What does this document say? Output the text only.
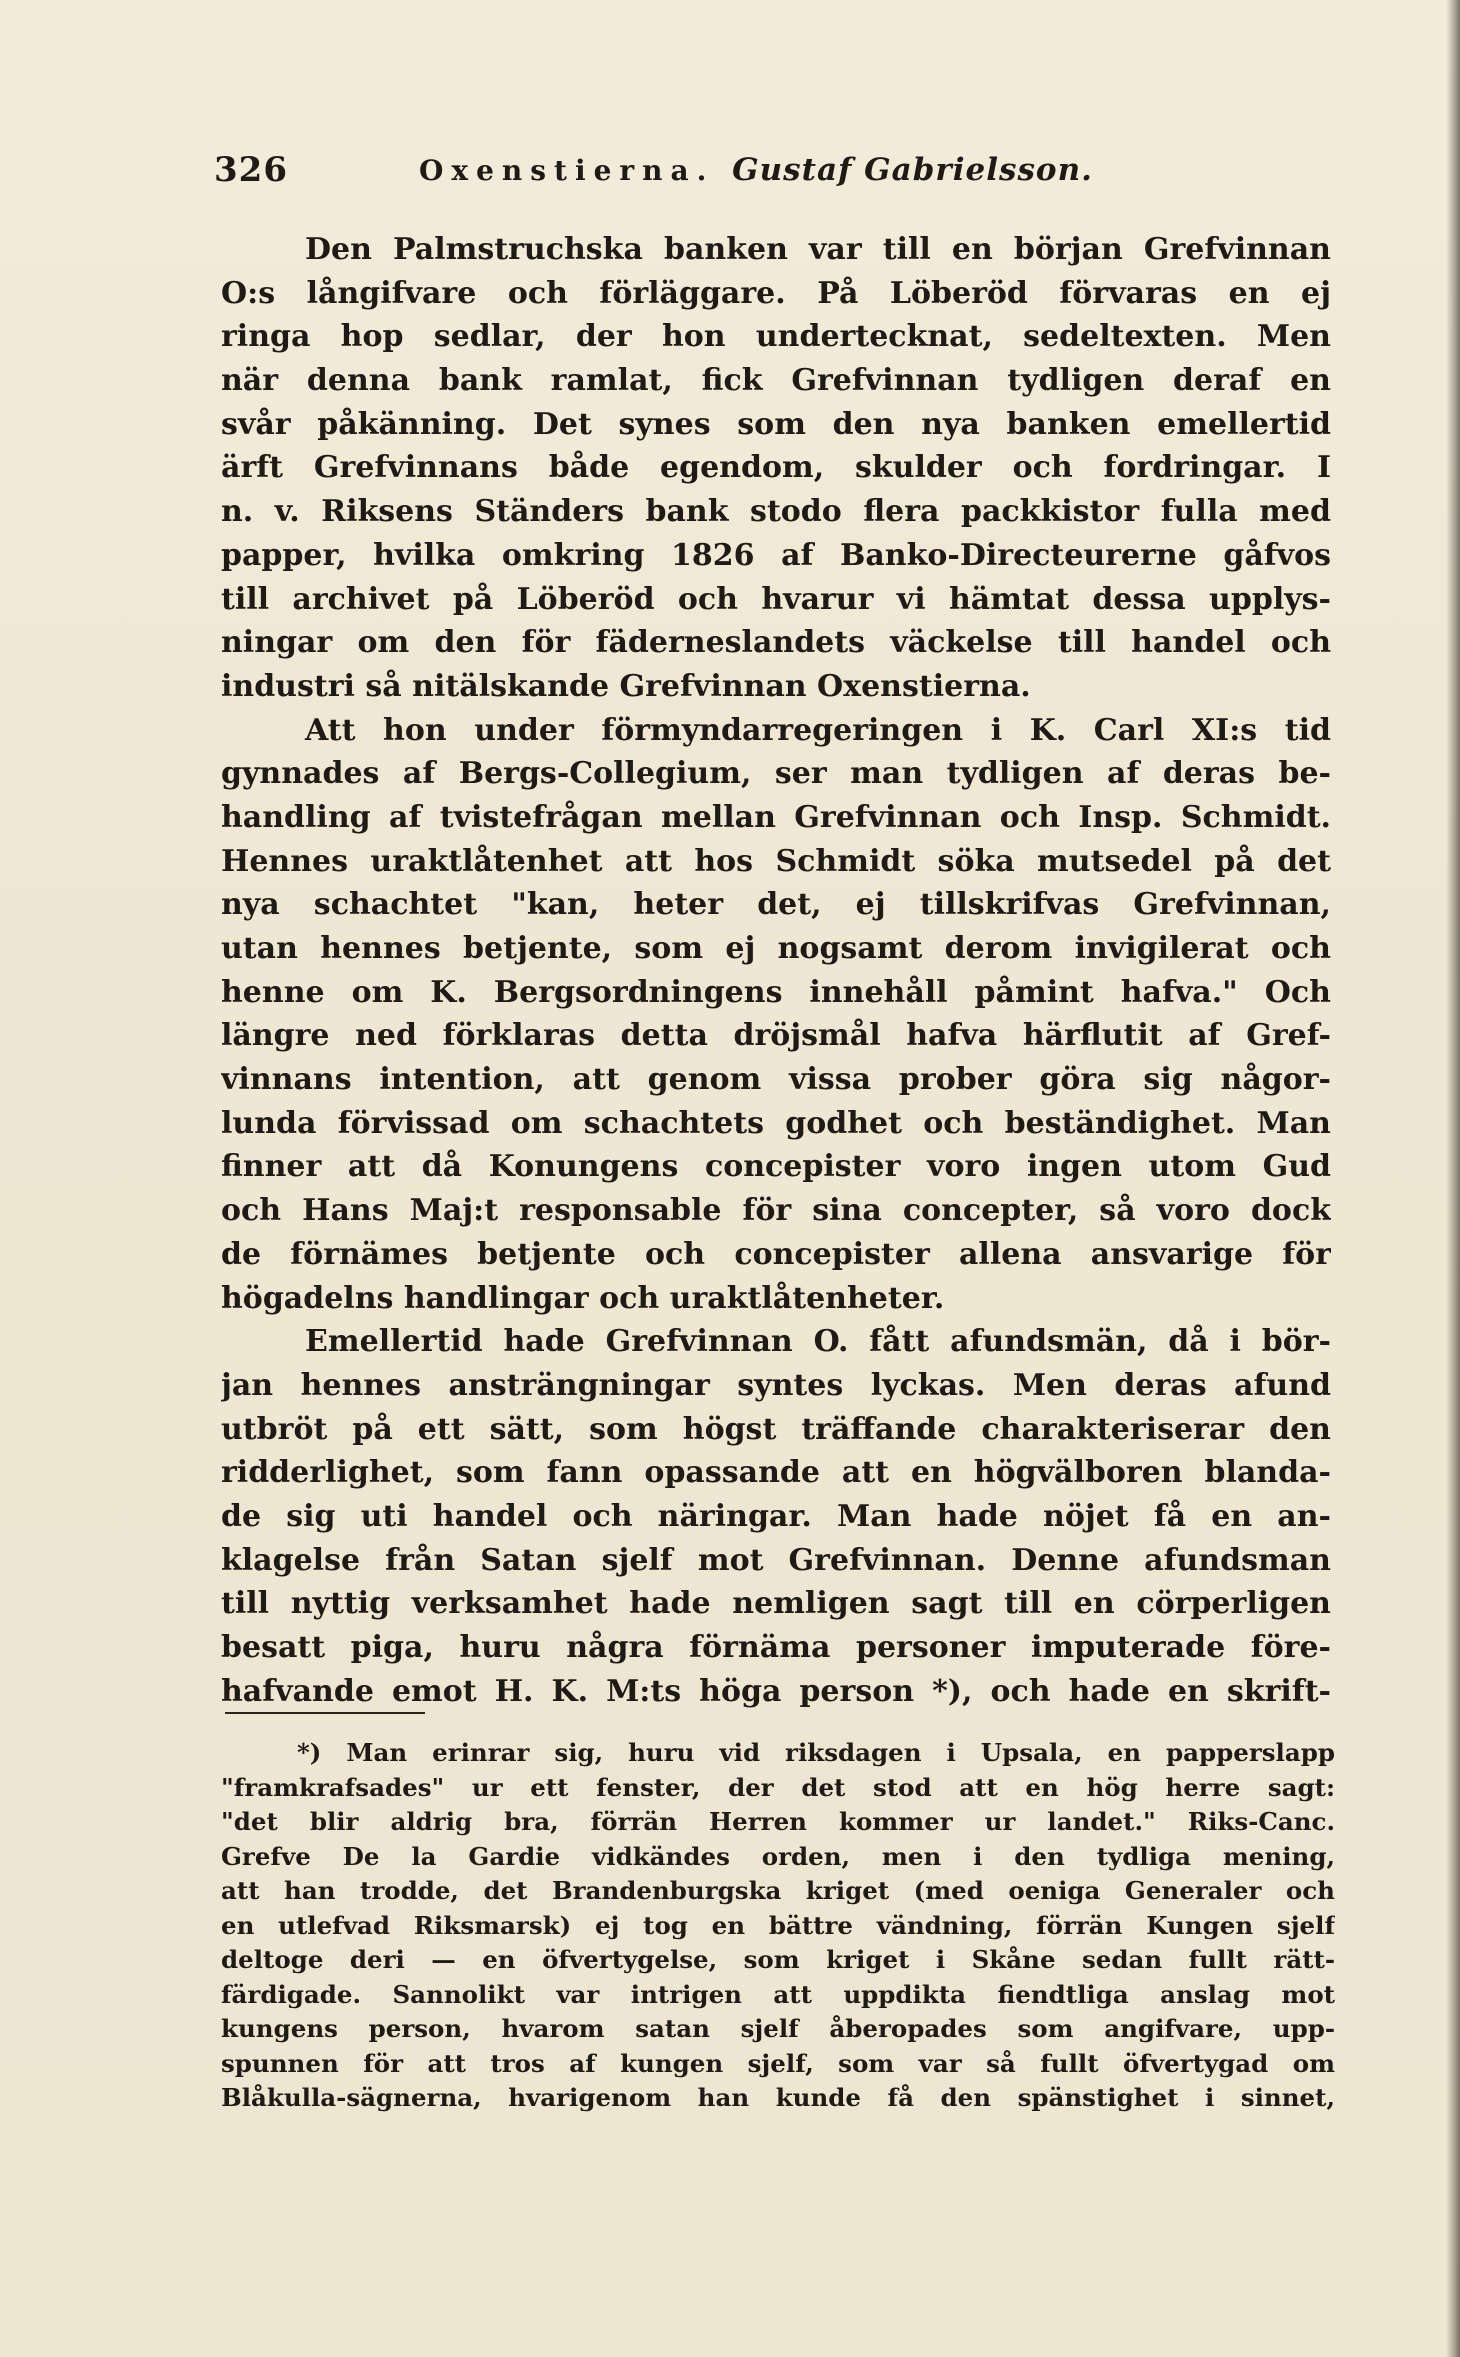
326	Oxenstierna. Gustaf Gabrielsson.
Den Palmstruchska banken var till en början Grefvinnan
O:s långifvare och förläggare. På Löberöd förvaras en ej
ringa hop sedlar, der hon undertecknat, sedeltexten. Men
när denna bank ramlat, fick Grefvinnan tydligen deraf en
svår påkänning. Det synes som den nya banken emellertid
ärft Grefvinnans både egendom, skulder och fordringar. I
n. v. Riksens Ständers bank stodo flera packkistor fulla med
papper, hvilka omkring 1826 af Banko-Directeurerne gåfvos
till archivet på Löberöd och hvarur vi hämtat dessa upplys-
ningar om den för fäderneslandets väckelse till handel och
industri så nitälskande Grefvinnan Oxenstierna.
Att hon under förmyndarregeringen i K. Carl XI:s tid
gynnades af Bergs-Collegium, ser man tydligen af deras be-
handling af tvistefrågan mellan Grefvinnan och Insp. Schmidt.
Hennes uraktlåtenhet att hos Schmidt söka mutsedel på det
nya schachtet "kan, heter det, ej tillskrifvas Grefvinnan,
utan hennes betjente, som ej nogsamt derom invigilerat och
henne om K. Bergsordningens innehåll påmint hafva." Och
längre ned förklaras detta dröjsmål hafva härflutit af Gref-
vinnans intention, att genom vissa prober göra sig någor-
lunda förvissad om schachtets godhet och beständighet. Man
finner att då Konungens concepister voro ingen utom Gud
och Hans Maj:t responsable för sina concepter, så voro dock
de förnämes betjente och concepister allena ansvarige för
högadelns handlingar och uraktlåtenheter.
Emellertid hade Grefvinnan O. fått afundsmän, då i bör-
jan hennes ansträngningar syntes lyckas. Men deras afund
utbröt på ett sätt, som högst träffande charakteriserar den
ridderlighet, som fann opassande att en högvälboren blanda-
de sig uti handel och näringar. Man hade nöjet få en an-
klagelse från Satan sjelf mot Grefvinnan. Denne afundsman
till nyttig verksamhet hade nemligen sagt till en cörperligen
besatt piga, huru några förnäma personer imputerade före-
hafvande emot H. K. M:ts höga person *), och hade en skrift-
*) Man erinrar sig, huru vid riksdagen i Upsala, en papperslapp
"framkrafsades" ur ett fenster, der det stod att en hög herre sagt:
"det blir aldrig bra, förrän Herren kommer ur landet." Riks-Canc.
Grefve De la Gardie vidkändes orden, men i den tydliga mening,
att han trodde, det Brandenburgska kriget (med oeniga Generaler och
en utlefvad Riksmarsk) ej tog en bättre vändning, förrän Kungen sjelf
deltoge deri — en öfvertygelse, som kriget i Skåne sedan fullt rätt-
färdigade. Sannolikt var intrigen att uppdikta fiendtliga anslag mot
kungens person, hvarom satan sjelf åberopades som angifvare, upp-
spunnen för att tros af kungen sjelf, som var så fullt öfvertygad om
Blåkulla-sägnerna, hvarigenom han kunde få den spänstighet i sinnet,
